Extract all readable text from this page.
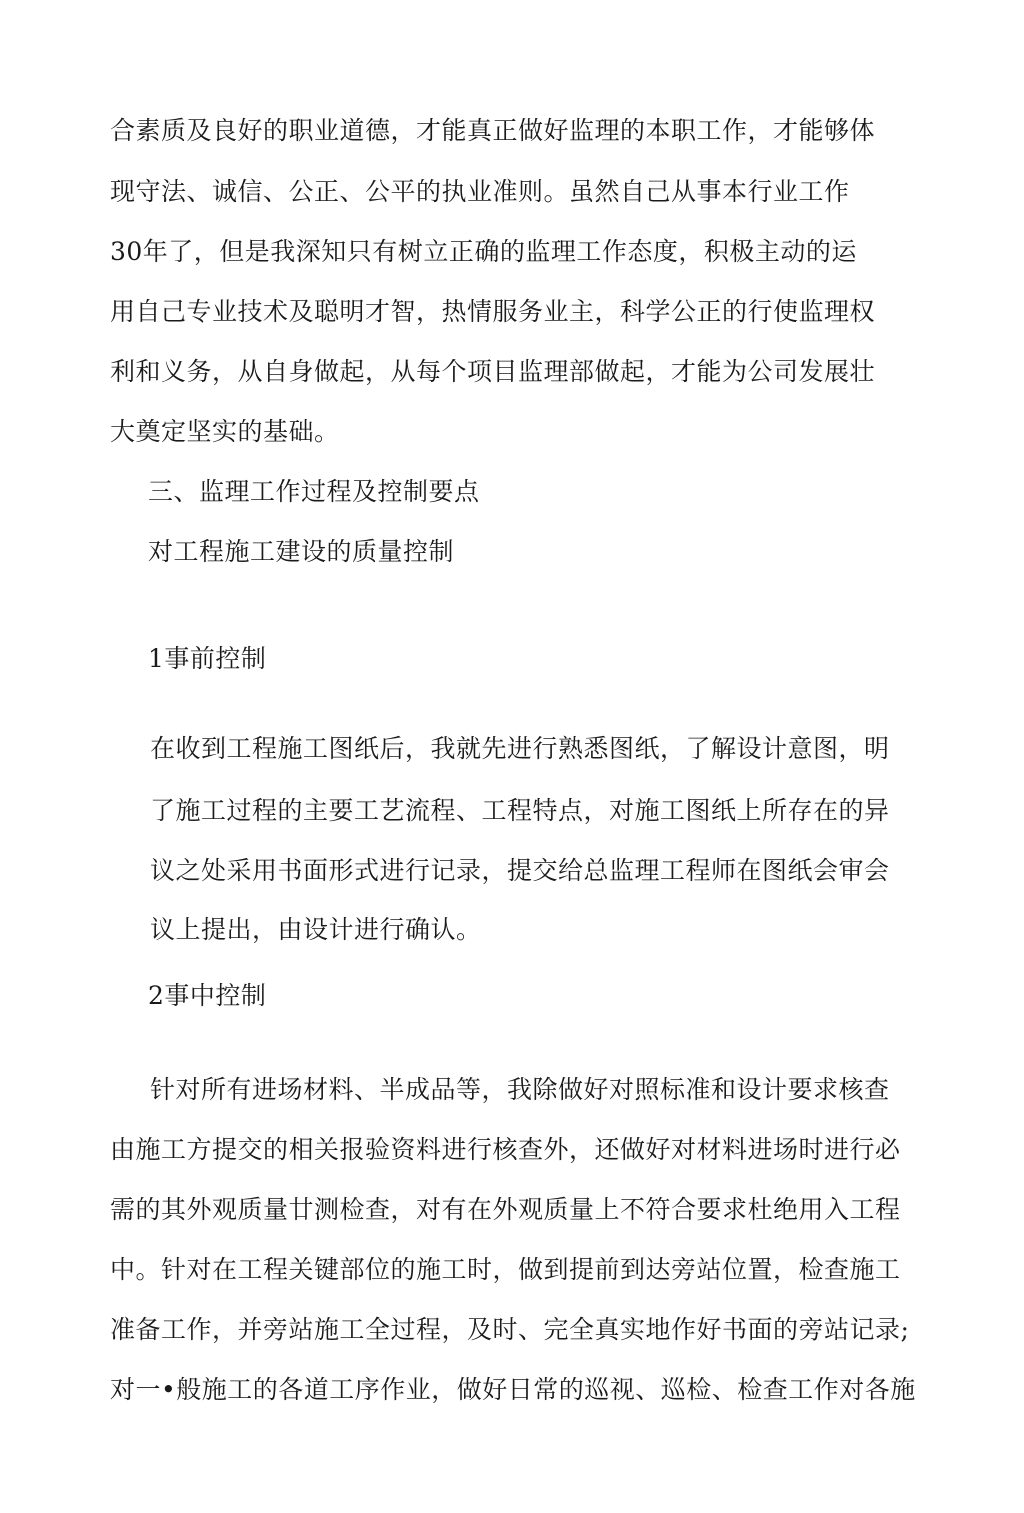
合素质及良好的职业道德，才能真正做好监理的本职工作，才能够体
现守法、诚信、公正、公平的执业准则。虽然自己从事本行业工作
30年了，但是我深知只有树立正确的监理工作态度，积极主动的运
用自己专业技术及聪明才智，热情服务业主，科学公正的行使监理权
利和义务，从自身做起，从每个项目监理部做起，才能为公司发展壮
大奠定坚实的基础。
三、监理工作过程及控制要点
对工程施工建设的质量控制
1事前控制
在收到工程施工图纸后，我就先进行熟悉图纸，了解设计意图，明
了施工过程的主要工艺流程、工程特点，对施工图纸上所存在的异
议之处采用书面形式进行记录，提交给总监理工程师在图纸会审会
议上提出，由设计进行确认。
2事中控制
针对所有进场材料、半成品等，我除做好对照标准和设计要求核查
由施工方提交的相关报验资料进行核查外，还做好对材料进场时进行必
需的其外观质量廿测检查，对有在外观质量上不符合要求杜绝用入工程
中。针对在工程关键部位的施工时，做到提前到达旁站位置，检查施工
准备工作，并旁站施工全过程，及时、完全真实地作好书面的旁站记录;
对一•般施工的各道工序作业，做好日常的巡视、巡检、检查工作对各施
